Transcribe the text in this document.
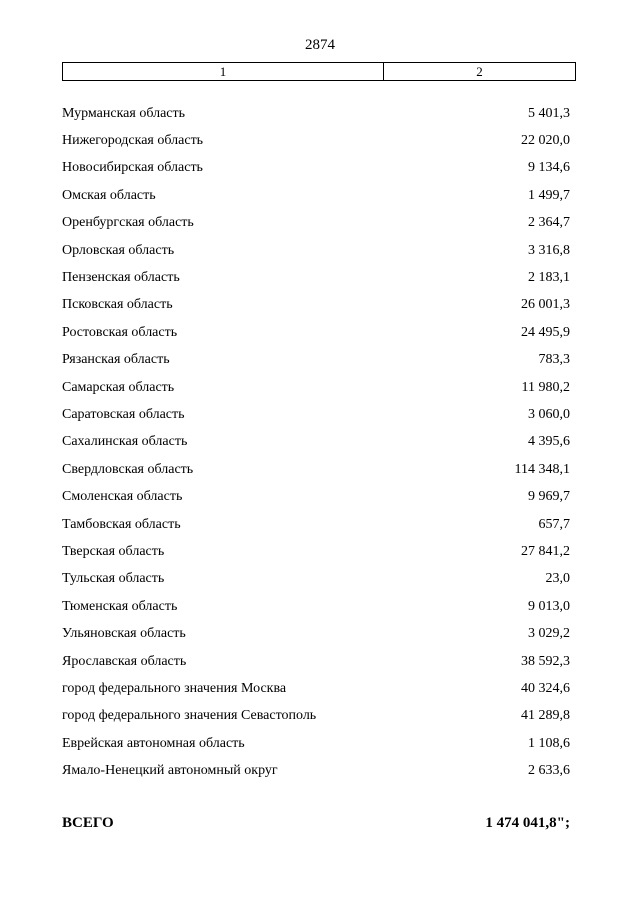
2874
1	2
Мурманская область	5 401,3
Нижегородская область	22 020,0
Новосибирская область	9 134,6
Омская область	1 499,7
Оренбургская область	2 364,7
Орловская область	3 316,8
Пензенская область	2 183,1
Псковская область	26 001,3
Ростовская область	24 495,9
Рязанская область	783,3
Самарская область	11 980,2
Саратовская область	3 060,0
Сахалинская область	4 395,6
Свердловская область	114 348,1
Смоленская область	9 969,7
Тамбовская область	657,7
Тверская область	27 841,2
Тульская область	23,0
Тюменская область	9 013,0
Ульяновская область	3 029,2
Ярославская область	38 592,3
город федерального значения Москва	40 324,6
город федерального значения Севастополь	41 289,8
Еврейская автономная область	1 108,6
Ямало-Ненецкий автономный округ	2 633,6
ВСЕГО	1 474 041,8";
